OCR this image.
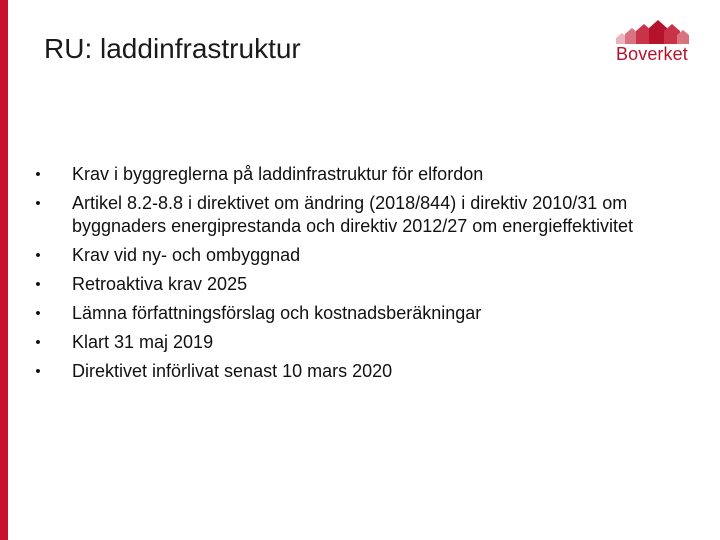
RU: laddinfrastruktur	Boverket
•	Krav i byggreglerna på laddinfrastruktur för elfordon
•	Artikel 8.2-8.8 i direktivet om ändring (2018/844) i direktiv 2010/31 om byggnaders energiprestanda och direktiv 2012/27 om energieffektivitet
•	Krav vid ny- och ombyggnad
•	Retroaktiva krav 2025
•	Lämna författningsförslag och kostnadsberäkningar
•	Klart 31 maj 2019
•	Direktivet införlivat senast 10 mars 2020
